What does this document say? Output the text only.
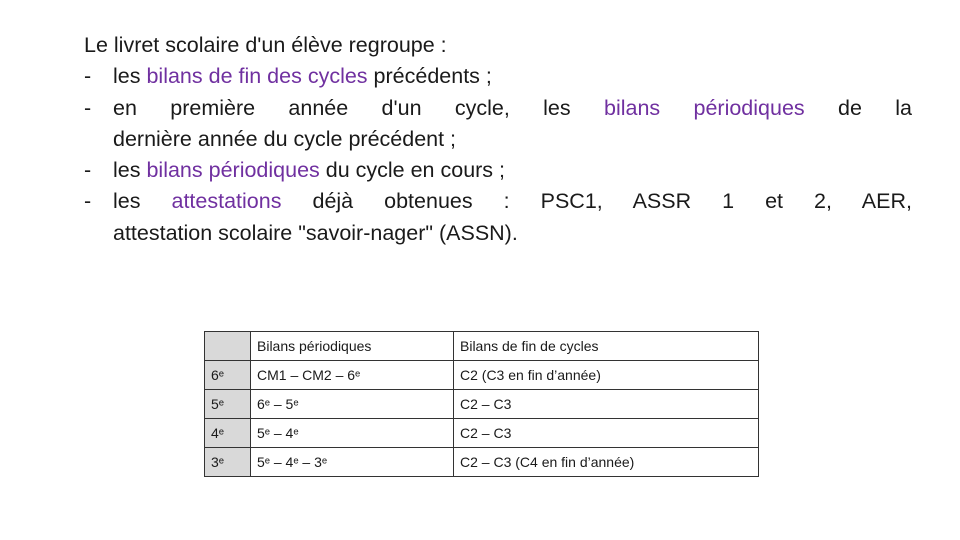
Le livret scolaire d'un élève regroupe :

- les bilans de fin des cycles précédents ;
- en première année d'un cycle, les bilans périodiques de la
dernière année du cycle précédent ;
- les bilans périodiques du cycle en cours ;
- les attestations déjà obtenues : PSC1, ASSR 1 et 2, AER,
attestation scolaire "savoir-nager" (ASSN).
	Bilans périodiques	Bilans de fin de cycles
6ᵉ	CM1 – CM2 – 6ᵉ	C2 (C3 en fin d’année)
5ᵉ	6ᵉ – 5ᵉ	C2 – C3
4ᵉ	5ᵉ – 4ᵉ	C2 – C3
3ᵉ	5ᵉ – 4ᵉ – 3ᵉ	C2 – C3 (C4 en fin d’année)
